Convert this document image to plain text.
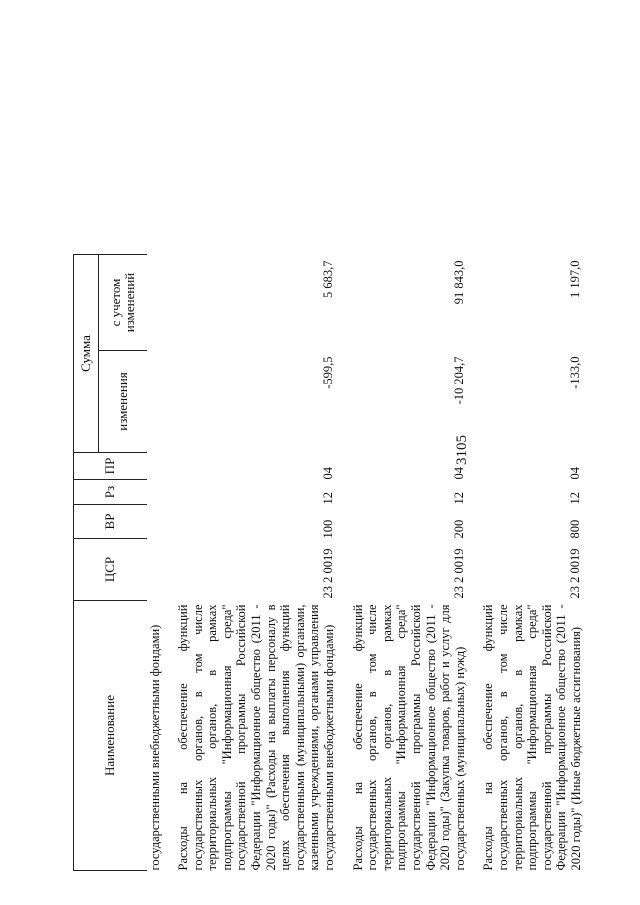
3105
Наименование	ЦСР	ВР	Рз	ПР	Сумма	
					изменения	с учетом изменений

государственными внебюджетными фондами)						

Расходы на обеспечение функций государственных органов, в том числе территориальных органов, в рамках подпрограммы "Информационная среда" государственной программы Российской Федерации "Информационное общество (2011 - 2020 годы)" (Расходы на выплаты персоналу в целях обеспечения выполнения функций государственными (муниципальными) органами, казенными учреждениями, органами управления государственными внебюджетными фондами)	23 2 0019	100	12	04	-599,5	5 683,7

Расходы на обеспечение функций государственных органов, в том числе территориальных органов, в рамках подпрограммы "Информационная среда" государственной программы Российской Федерации "Информационное общество (2011 - 2020 годы)" (Закупка товаров, работ и услуг для государственных (муниципальных) нужд)	23 2 0019	200	12	04	-10 204,7	91 843,0

Расходы на обеспечение функций государственных органов, в том числе территориальных органов, в рамках подпрограммы "Информационная среда" государственной программы Российской Федерации "Информационное общество (2011 - 2020 годы)" (Иные бюджетные ассигнования)	23 2 0019	800	12	04	-133,0	1 197,0
